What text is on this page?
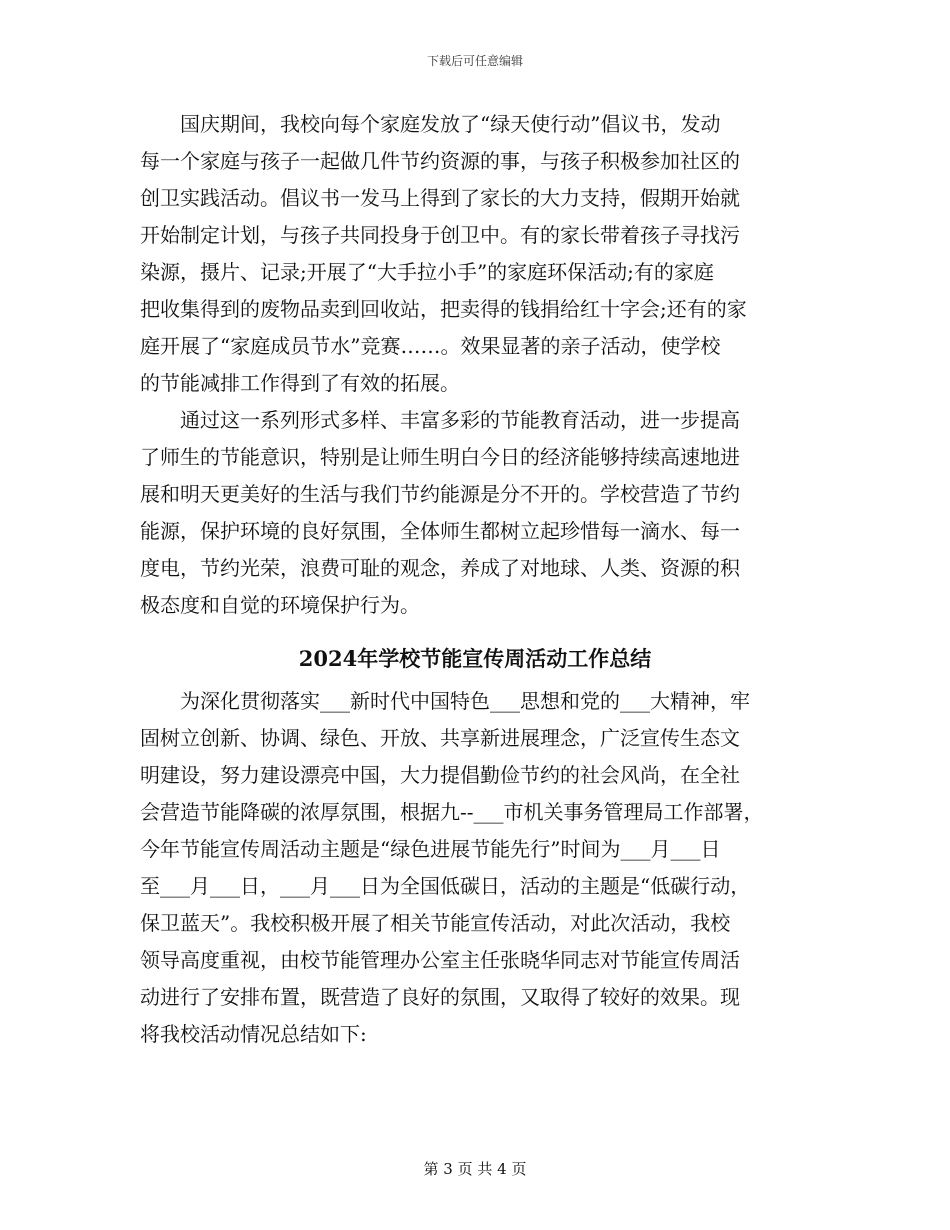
下载后可任意编辑
　　国庆期间，我校向每个家庭发放了“绿天使行动”倡议书，发动
每一个家庭与孩子一起做几件节约资源的事，与孩子积极参加社区的
创卫实践活动。倡议书一发马上得到了家长的大力支持，假期开始就
开始制定计划，与孩子共同投身于创卫中。有的家长带着孩子寻找污
染源，摄片、记录;开展了“大手拉小手”的家庭环保活动;有的家庭
把收集得到的废物品卖到回收站，把卖得的钱捐给红十字会;还有的家
庭开展了“家庭成员节水”竞赛……。效果显著的亲子活动，使学校
的节能减排工作得到了有效的拓展。
　　通过这一系列形式多样、丰富多彩的节能教育活动，进一步提高
了师生的节能意识，特别是让师生明白今日的经济能够持续高速地进
展和明天更美好的生活与我们节约能源是分不开的。学校营造了节约
能源，保护环境的良好氛围，全体师生都树立起珍惜每一滴水、每一
度电，节约光荣，浪费可耻的观念，养成了对地球、人类、资源的积
极态度和自觉的环境保护行为。
2024年学校节能宣传周活动工作总结
　　为深化贯彻落实___新时代中国特色___思想和党的___大精神，牢
固树立创新、协调、绿色、开放、共享新进展理念，广泛宣传生态文
明建设，努力建设漂亮中国，大力提倡勤俭节约的社会风尚，在全社
会营造节能降碳的浓厚氛围，根据九--___市机关事务管理局工作部署，
今年节能宣传周活动主题是“绿色进展节能先行”时间为___月___日
至___月___日，___月___日为全国低碳日，活动的主题是“低碳行动，
保卫蓝天”。我校积极开展了相关节能宣传活动，对此次活动，我校
领导高度重视，由校节能管理办公室主任张晓华同志对节能宣传周活
动进行了安排布置，既营造了良好的氛围，又取得了较好的效果。现
将我校活动情况总结如下:
第 3 页 共 4 页
